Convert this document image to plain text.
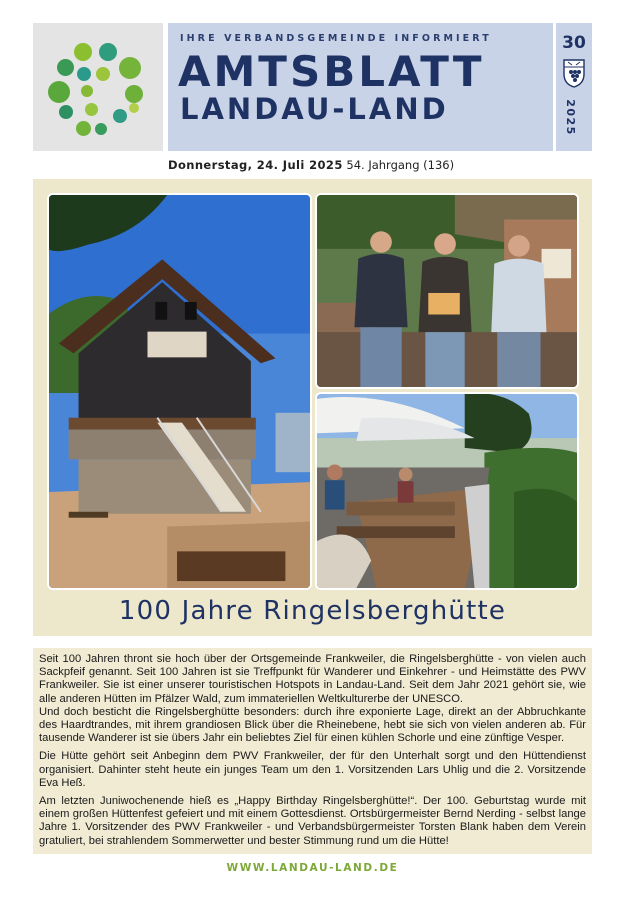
IHRE VERBANDSGEMEINDE INFORMIERT
AMTSBLATT
LANDAU-LAND
30
2025
Donnerstag, 24. Juli 2025 54. Jahrgang (136)
100 Jahre Ringelsberghütte

Seit 100 Jahren thront sie hoch über der Ortsgemeinde Frankweiler, die Ringelsberghütte - von vielen auch Sackpfeif genannt. Seit 100 Jahren ist sie Treffpunkt für Wanderer und Einkehrer - und Heimstätte des PWV Frankweiler. Sie ist einer unserer touristischen Hotspots in Landau-Land. Seit dem Jahr 2021 gehört sie, wie alle anderen Hütten im Pfälzer Wald, zum immateriellen Weltkulturerbe der UNESCO.

Und doch besticht die Ringelsberghütte besonders: durch ihre exponierte Lage, direkt an der Abbruchkante des Haardtrandes, mit ihrem grandiosen Blick über die Rheinebene, hebt sie sich von vielen anderen ab. Für tausende Wanderer ist sie übers Jahr ein beliebtes Ziel für einen kühlen Schorle und eine zünftige Vesper.

Die Hütte gehört seit Anbeginn dem PWV Frankweiler, der für den Unterhalt sorgt und den Hüttendienst organisiert. Dahinter steht heute ein junges Team um den 1. Vorsitzenden Lars Uhlig und die 2. Vorsitzende Eva Heß.

Am letzten Juniwochenende hieß es „Happy Birthday Ringelsberghütte!“. Der 100. Geburtstag wurde mit einem großen Hüttenfest gefeiert und mit einem Gottesdienst. Ortsbürgermeister Bernd Nerding - selbst lange Jahre 1. Vorsitzender des PWV Frankweiler - und Verbandsbürgermeister Torsten Blank haben dem Verein gratuliert, bei strahlendem Sommerwetter und bester Stimmung rund um die Hütte!

WWW.LANDAU-LAND.DE
